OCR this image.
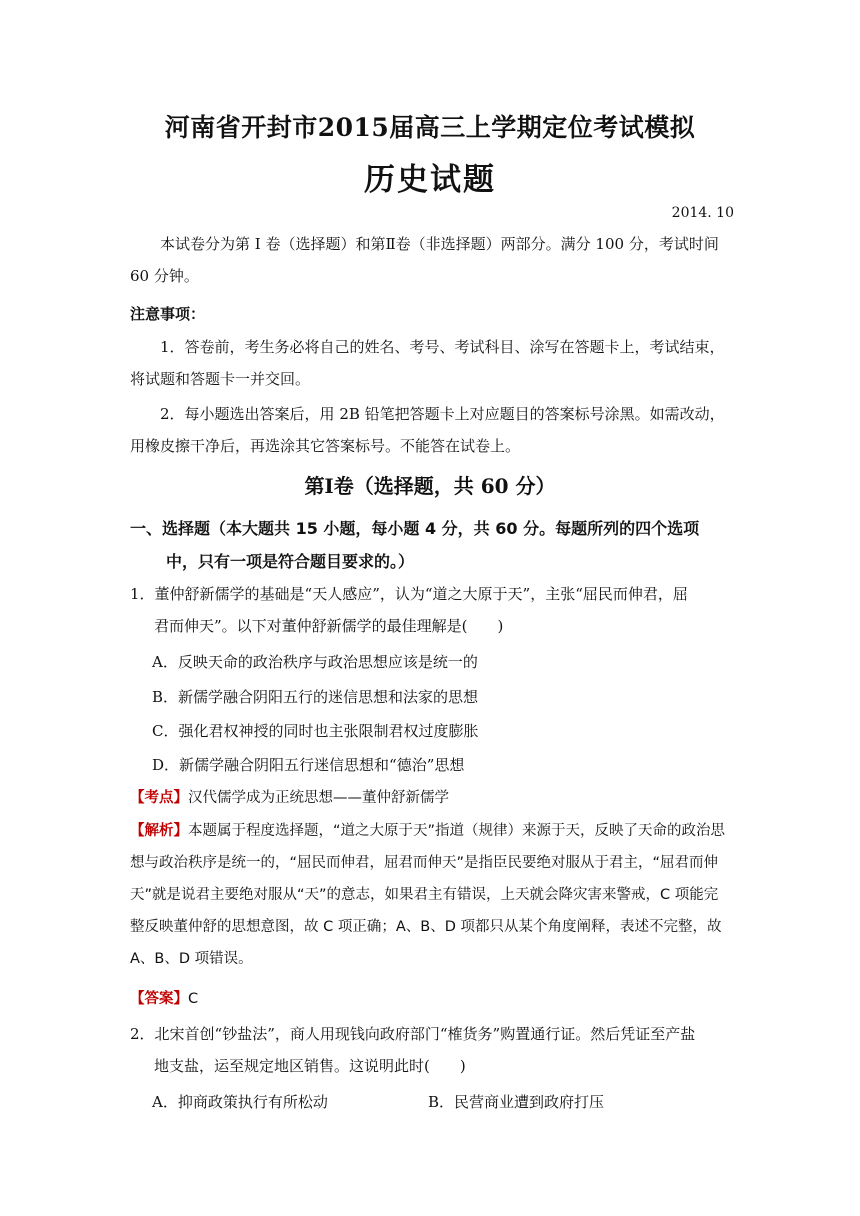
河南省开封市2015届高三上学期定位考试模拟
历史试题
2014. 10
本试卷分为第 I 卷（选择题）和第Ⅱ卷（非选择题）两部分。满分 100 分，考试时间 60 分钟。
注意事项：
1．答卷前，考生务必将自己的姓名、考号、考试科目、涂写在答题卡上，考试结束，将试题和答题卡一并交回。
2．每小题选出答案后，用 2B 铅笔把答题卡上对应题目的答案标号涂黑。如需改动，用橡皮擦干净后，再选涂其它答案标号。不能答在试卷上。
第Ⅰ卷（选择题，共 60 分）
一、选择题（本大题共 15 小题，每小题 4 分，共 60 分。每题所列的四个选项
中，只有一项是符合题目要求的。）
1．董仲舒新儒学的基础是“天人感应”，认为“道之大原于天”，主张“屈民而伸君，屈
君而伸天”。以下对董仲舒新儒学的最佳理解是(　　)
A．反映天命的政治秩序与政治思想应该是统一的
B．新儒学融合阴阳五行的迷信思想和法家的思想
C．强化君权神授的同时也主张限制君权过度膨胀
D．新儒学融合阴阳五行迷信思想和“德治”思想
【考点】汉代儒学成为正统思想——董仲舒新儒学
【解析】本题属于程度选择题，“道之大原于天”指道（规律）来源于天，反映了天命的政治思想与政治秩序是统一的，“屈民而伸君，屈君而伸天”是指臣民要绝对服从于君主，“屈君而伸天”就是说君主要绝对服从“天”的意志，如果君主有错误，上天就会降灾害来警戒，C 项能完整反映董仲舒的思想意图，故 C 项正确；A、B、D 项都只从某个角度阐释，表述不完整，故 A、B、D 项错误。
【答案】C
2．北宋首创“钞盐法”，商人用现钱向政府部门“榷货务”购置通行证。然后凭证至产盐
地支盐，运至规定地区销售。这说明此时(　　)
A．抑商政策执行有所松动	B．民营商业遭到政府打压
